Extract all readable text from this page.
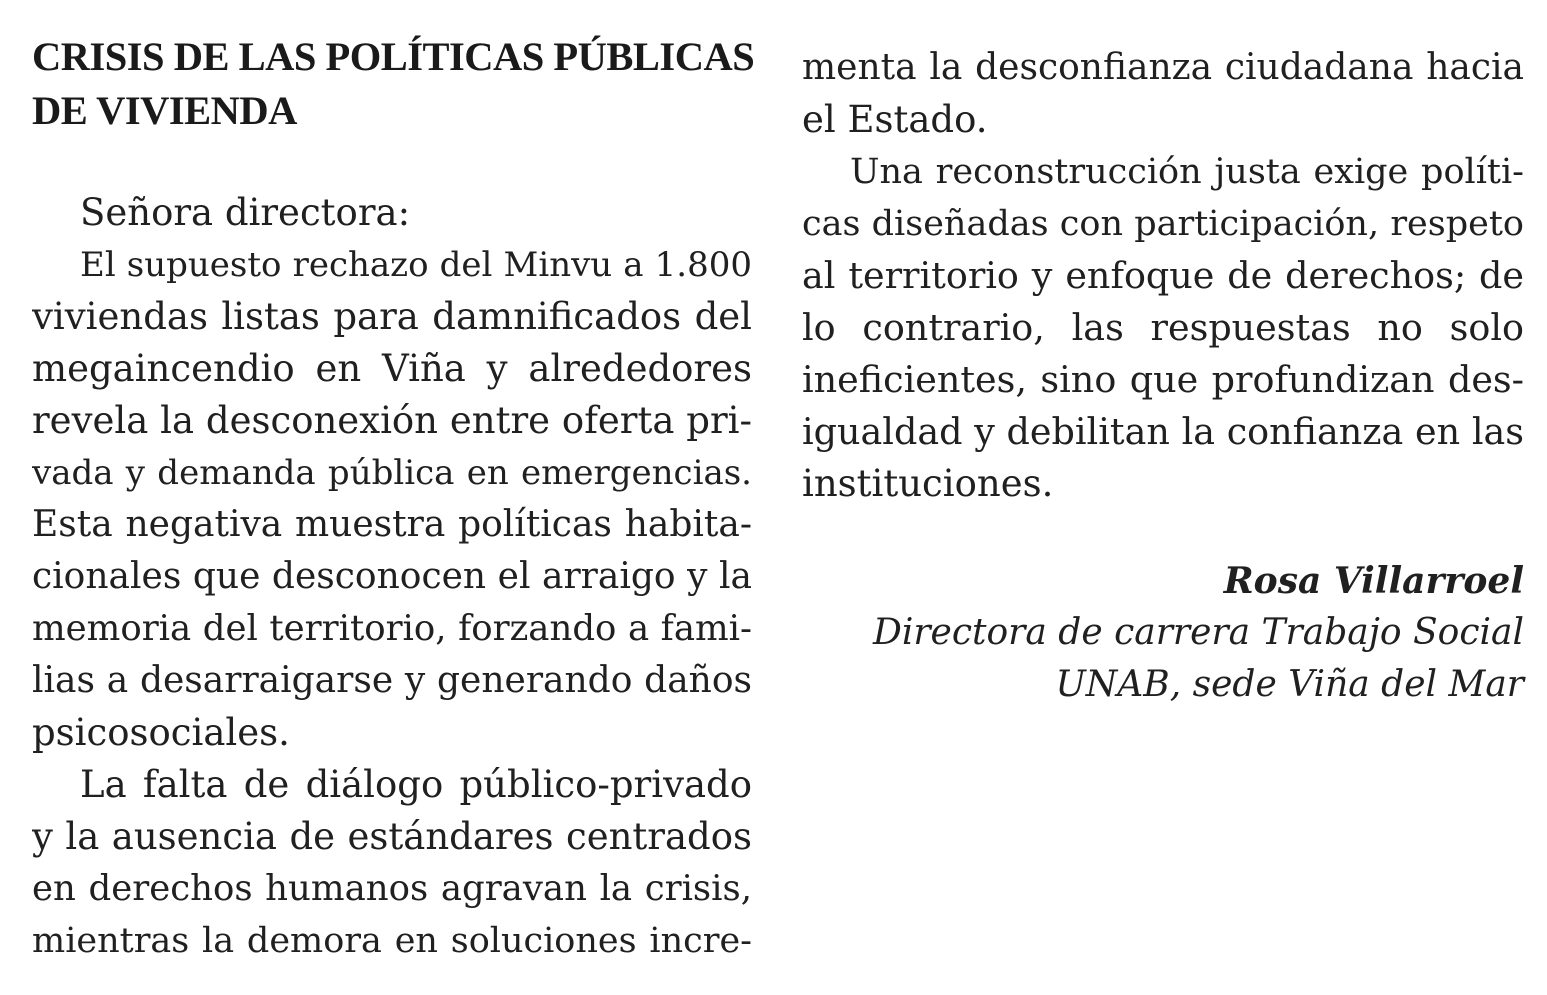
CRISIS DE LAS POLÍTICAS PÚBLICAS
DE VIVIENDA
Señora directora:
El supuesto rechazo del Minvu a 1.800
viviendas listas para damnificados del
megaincendio en Viña y alrededores
revela la desconexión entre oferta pri-
vada y demanda pública en emergencias.
Esta negativa muestra políticas habita-
cionales que desconocen el arraigo y la
memoria del territorio, forzando a fami-
lias a desarraigarse y generando daños
psicosociales.
La falta de diálogo público-privado
y la ausencia de estándares centrados
en derechos humanos agravan la crisis,
mientras la demora en soluciones incre-
menta la desconfianza ciudadana hacia
el Estado.
Una reconstrucción justa exige políti-
cas diseñadas con participación, respeto
al territorio y enfoque de derechos; de
lo contrario, las respuestas no solo
ineficientes, sino que profundizan des-
igualdad y debilitan la confianza en las
instituciones.
Rosa Villarroel
Directora de carrera Trabajo Social
UNAB, sede Viña del Mar
